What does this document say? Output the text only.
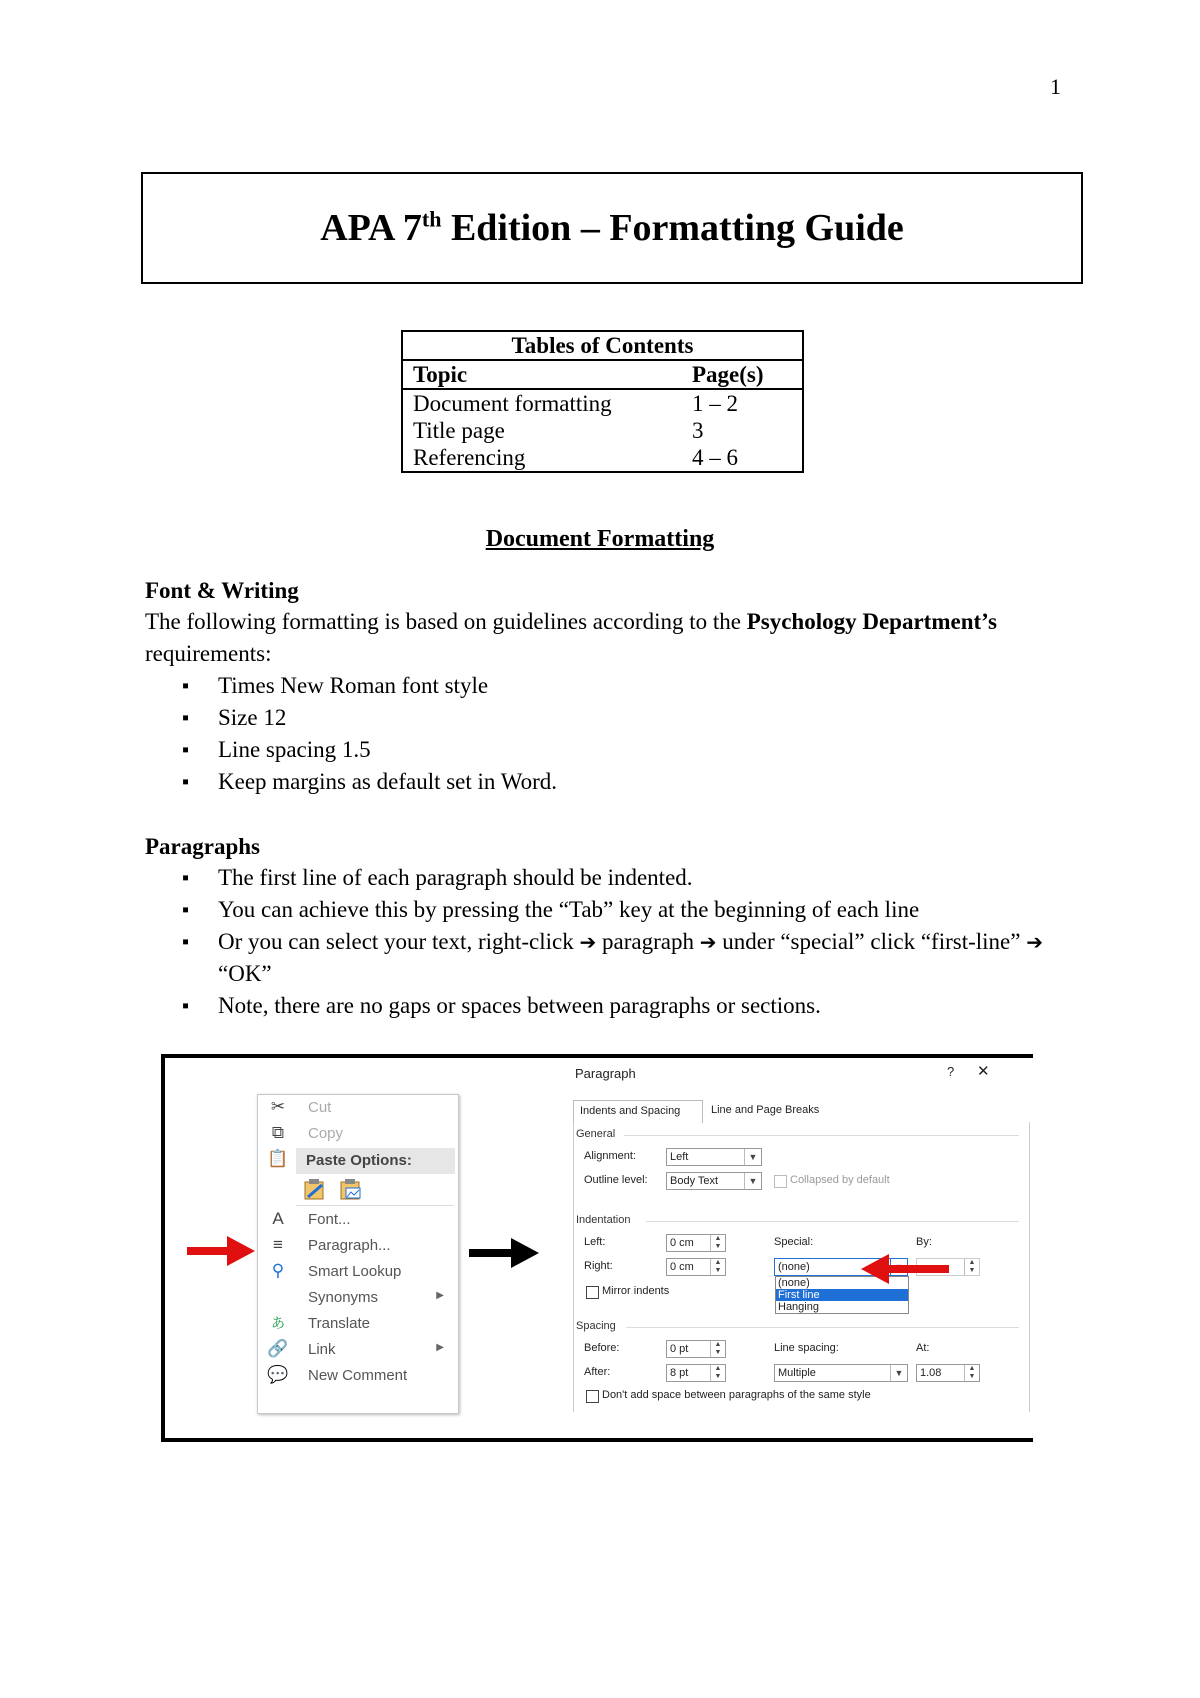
1
APA 7th Edition – Formatting Guide
Tables of Contents	
Topic	Page(s)
Document formatting	1 – 2
Title page	3
Referencing	4 – 6
Document Formatting
Font & Writing
The following formatting is based on guidelines according to the Psychology Department’s
requirements:
▪ Times New Roman font style
▪ Size 12
▪ Line spacing 1.5
▪ Keep margins as default set in Word.
Paragraphs
▪ The first line of each paragraph should be indented.
▪ You can achieve this by pressing the “Tab” key at the beginning of each line
▪ Or you can select your text, right-click ➔ paragraph ➔ under “special” click “first-line” ➔ “OK”
▪ Note, there are no gaps or spaces between paragraphs or sections.
✂	Cut
⧉	Copy
📋 Paste Options:
A	Font...
≡	Paragraph...
⚲	Smart Lookup
Synonyms	▶
あ	Translate
🔗 Link	▶
💬 New Comment
Paragraph	? ✕
Indents and Spacing	Line and Page Breaks
General
Alignment:	Left	▼
Outline level: Body Text	▼	Collapsed by default
Indentation
Left:	0 cm	▲
▼
Right:	0 cm	▲
▼
Mirror indents
Special:
(none)
By:
▲
▼
Spacing
Before:	0 pt	▲
▼
After:	8 pt	▲
▼
Line spacing:
Multiple	▼
At:
1.08	▲
▼
Don't add space between paragraphs of the same style
(none)
First line
Hanging
